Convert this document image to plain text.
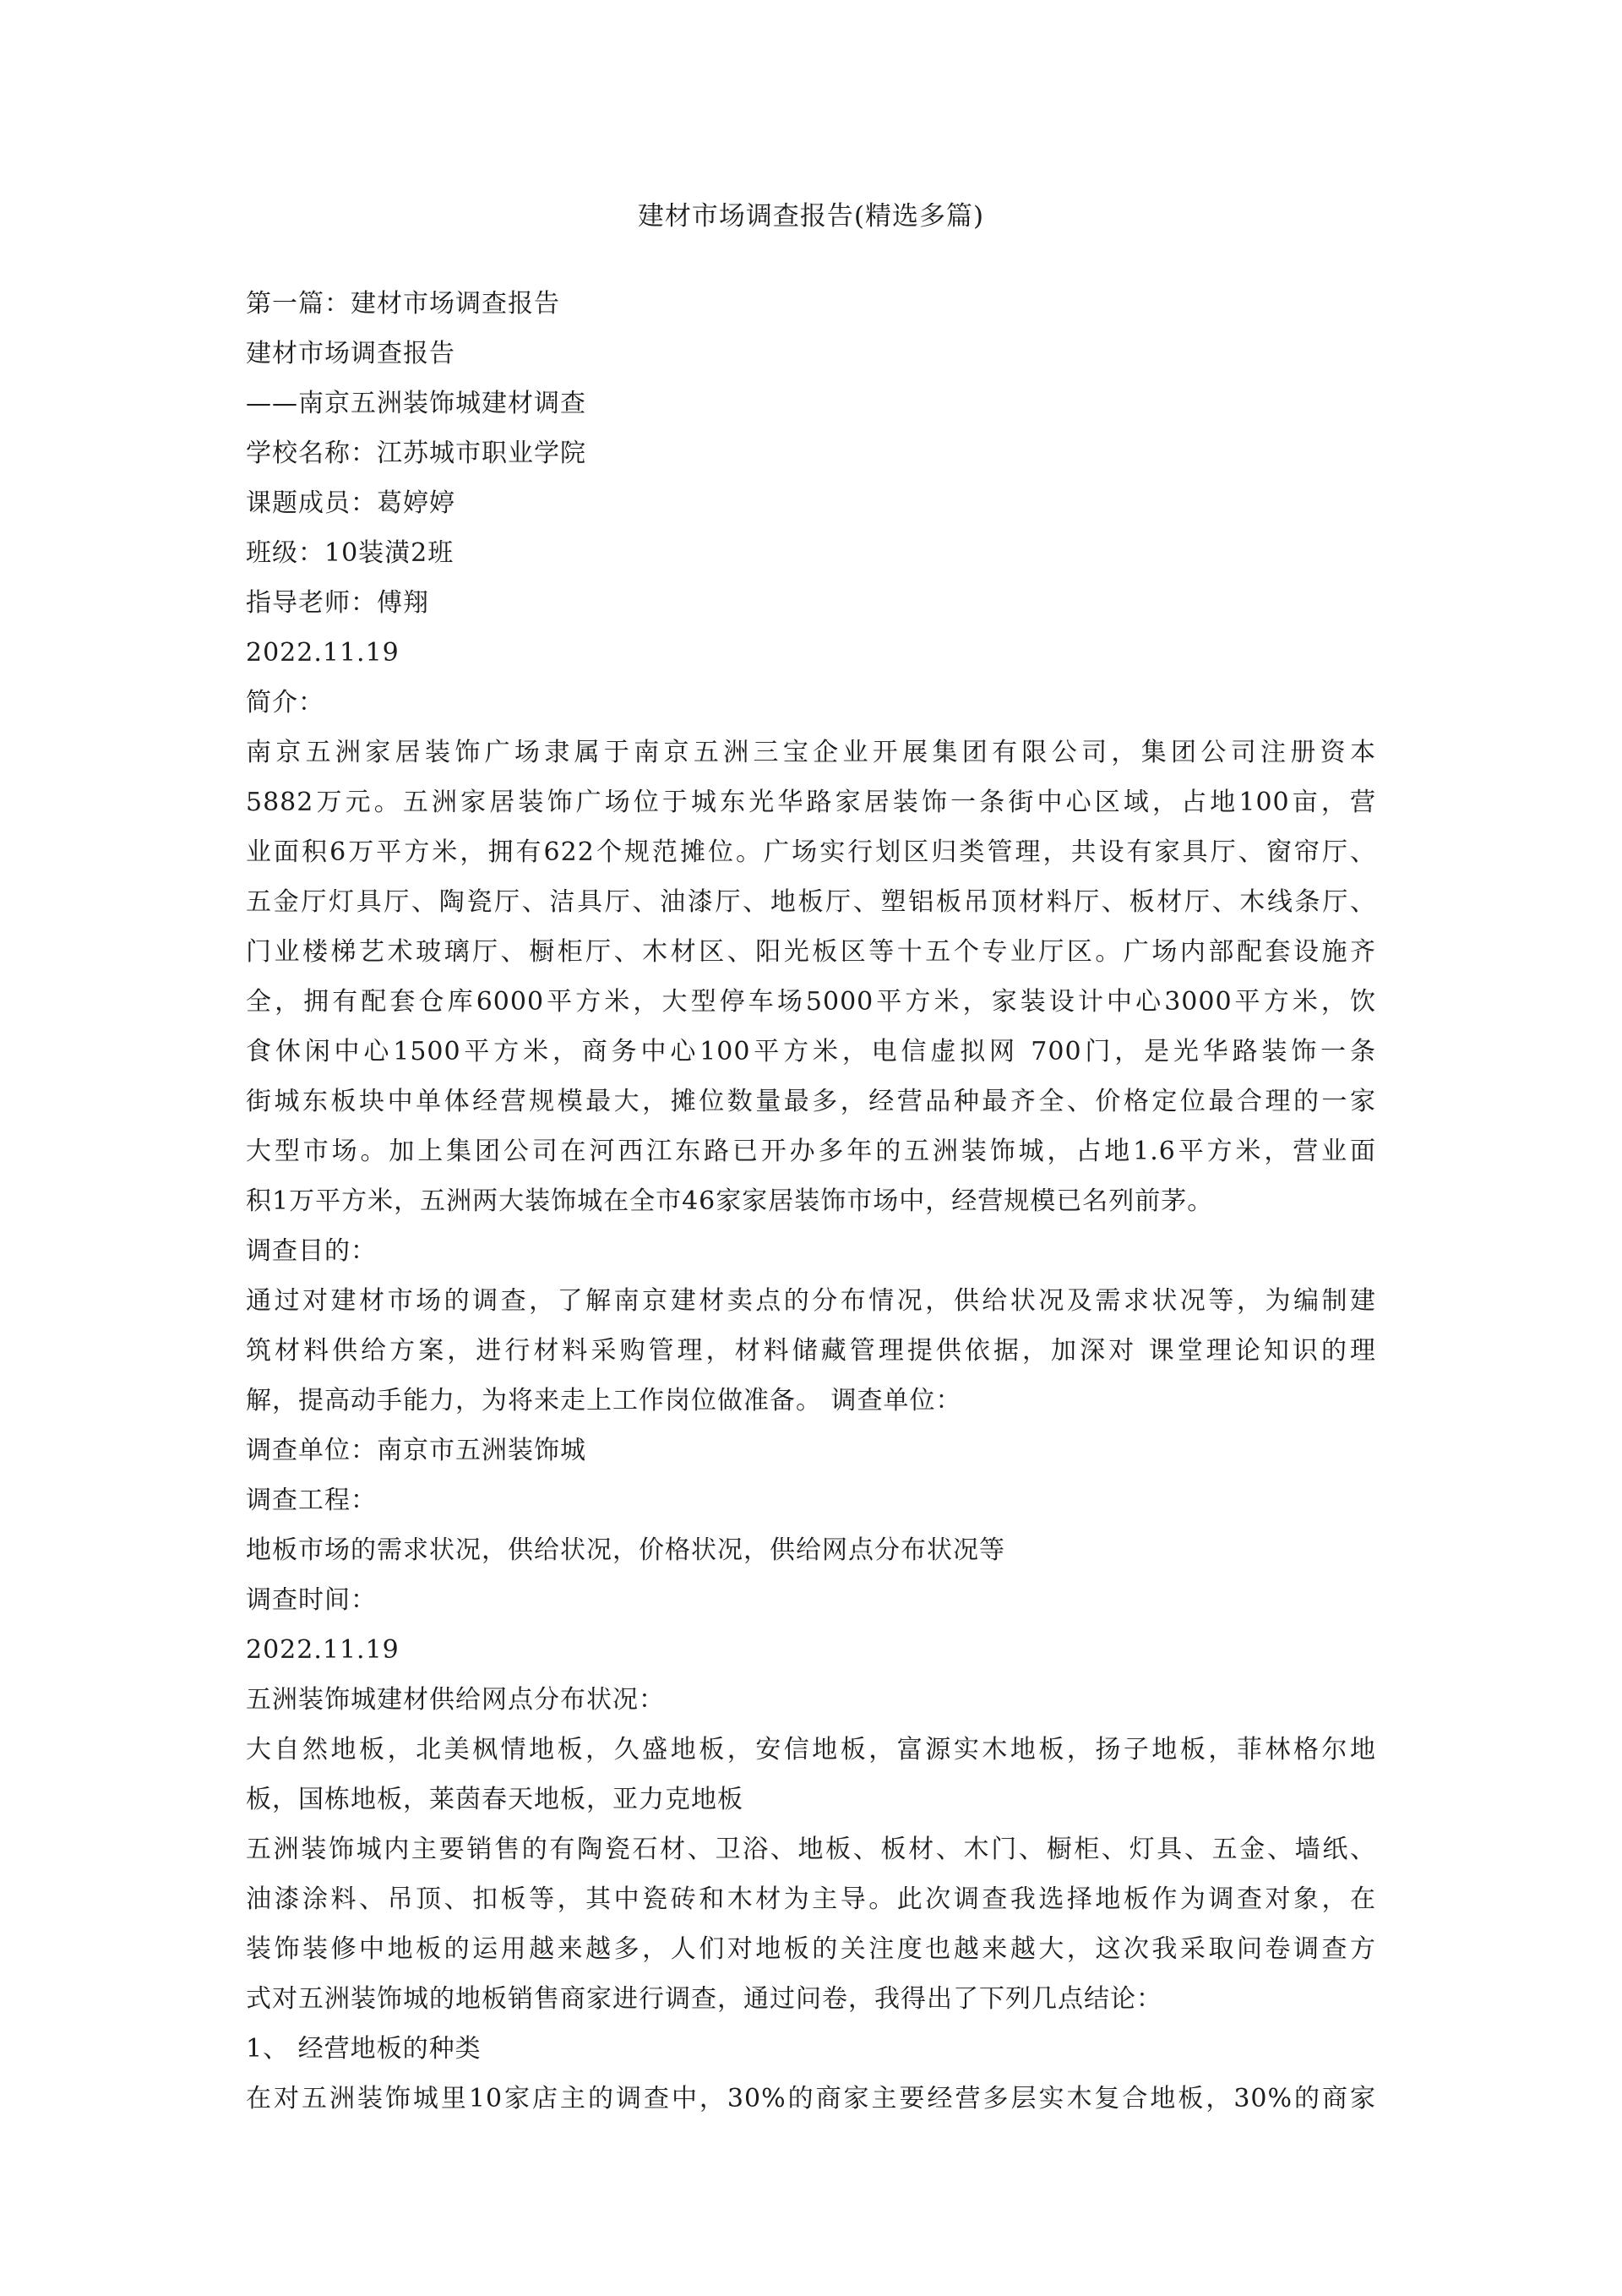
建材市场调查报告(精选多篇)
第一篇：建材市场调查报告
建材市场调查报告
——南京五洲装饰城建材调查
学校名称：江苏城市职业学院
课题成员：葛婷婷
班级：10装潢2班
指导老师：傅翔
2022.11.19
简介：
南京五洲家居装饰广场隶属于南京五洲三宝企业开展集团有限公司，集团公司注册资本
5882万元。五洲家居装饰广场位于城东光华路家居装饰一条街中心区域，占地100亩，营
业面积6万平方米，拥有622个规范摊位。广场实行划区归类管理，共设有家具厅、窗帘厅、
五金厅灯具厅、陶瓷厅、洁具厅、油漆厅、地板厅、塑铝板吊顶材料厅、板材厅、木线条厅、
门业楼梯艺术玻璃厅、橱柜厅、木材区、阳光板区等十五个专业厅区。广场内部配套设施齐
全，拥有配套仓库6000平方米，大型停车场5000平方米，家装设计中心3000平方米，饮
食休闲中心1500平方米，商务中心100平方米，电信虚拟网 700门，是光华路装饰一条
街城东板块中单体经营规模最大，摊位数量最多，经营品种最齐全、价格定位最合理的一家
大型市场。加上集团公司在河西江东路已开办多年的五洲装饰城，占地1.6平方米，营业面
积1万平方米，五洲两大装饰城在全市46家家居装饰市场中，经营规模已名列前茅。
调查目的：
通过对建材市场的调查，了解南京建材卖点的分布情况，供给状况及需求状况等，为编制建
筑材料供给方案，进行材料采购管理，材料储藏管理提供依据，加深对 课堂理论知识的理
解，提高动手能力，为将来走上工作岗位做准备。 调查单位：
调查单位：南京市五洲装饰城
调查工程：
地板市场的需求状况，供给状况，价格状况，供给网点分布状况等
调查时间：
2022.11.19
五洲装饰城建材供给网点分布状况：
大自然地板，北美枫情地板，久盛地板，安信地板，富源实木地板，扬子地板，菲林格尔地
板，国栋地板，莱茵春天地板，亚力克地板
五洲装饰城内主要销售的有陶瓷石材、卫浴、地板、板材、木门、橱柜、灯具、五金、墙纸、
油漆涂料、吊顶、扣板等，其中瓷砖和木材为主导。此次调查我选择地板作为调查对象，在
装饰装修中地板的运用越来越多，人们对地板的关注度也越来越大，这次我采取问卷调查方
式对五洲装饰城的地板销售商家进行调查，通过问卷，我得出了下列几点结论：
1、 经营地板的种类
在对五洲装饰城里10家店主的调查中，30%的商家主要经营多层实木复合地板，30%的商家
